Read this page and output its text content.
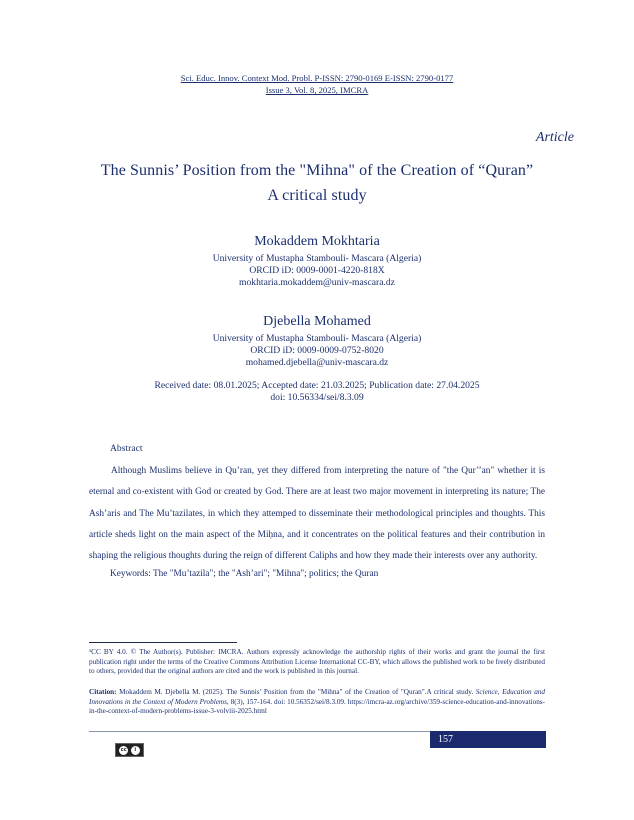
Sci. Educ. Innov. Context Mod. Probl. P-ISSN: 2790-0169 E-ISSN: 2790-0177
Issue 3, Vol. 8, 2025, IMCRA
Article
The Sunnis’ Position from the "Mihna" of the Creation of “Quran”
A critical study
Mokaddem Mokhtaria
University of Mustapha Stambouli- Mascara (Algeria)
ORCID iD: 0009-0001-4220-818X
mokhtaria.mokaddem@univ-mascara.dz
Djebella Mohamed
University of Mustapha Stambouli- Mascara (Algeria)
ORCID iD: 0009-0009-0752-8020
mohamed.djebella@univ-mascara.dz
Received date: 08.01.2025; Accepted date: 21.03.2025; Publication date: 27.04.2025
doi: 10.56334/sei/8.3.09
Abstract
Although Muslims believe in Qu’ran, yet they differed from interpreting the nature of "the Qur’’an" whether it is eternal and co-existent with God or created by God. There are at least two major movement in interpreting its nature; The Ash’aris and The Mu’tazilates, in which they attemped to disseminate their methodological principles and thoughts. This article sheds light on the main aspect of the Miḥna, and it concentrates on the political features and their contribution in shaping the religious thoughts during the reign of different Caliphs and how they made their interests over any authority.
Keywords: The "Mu’tazila"; the "Ash’ari"; "Mihna"; politics; the Quran
¹CC BY 4.0. © The Author(s). Publisher: IMCRA. Authors expressly acknowledge the authorship rights of their works and grant the journal the first publication right under the terms of the Creative Commons Attribution License International CC-BY, which allows the published work to be freely distributed to others, provided that the original authors are cited and the work is published in this journal.
Citation: Mokaddem M. Djebella M. (2025). The Sunnis’ Position from the "Mihna" of the Creation of "Quran".A critical study. Science, Education and Innovations in the Context of Modern Problems, 8(3), 157-164. doi: 10.56352/sei/8.3.09. https://imcra-az.org/archive/359-science-education-and-innovations-in-the-context-of-modern-problems-issue-3-volviii-2025.html
157
cc	i
